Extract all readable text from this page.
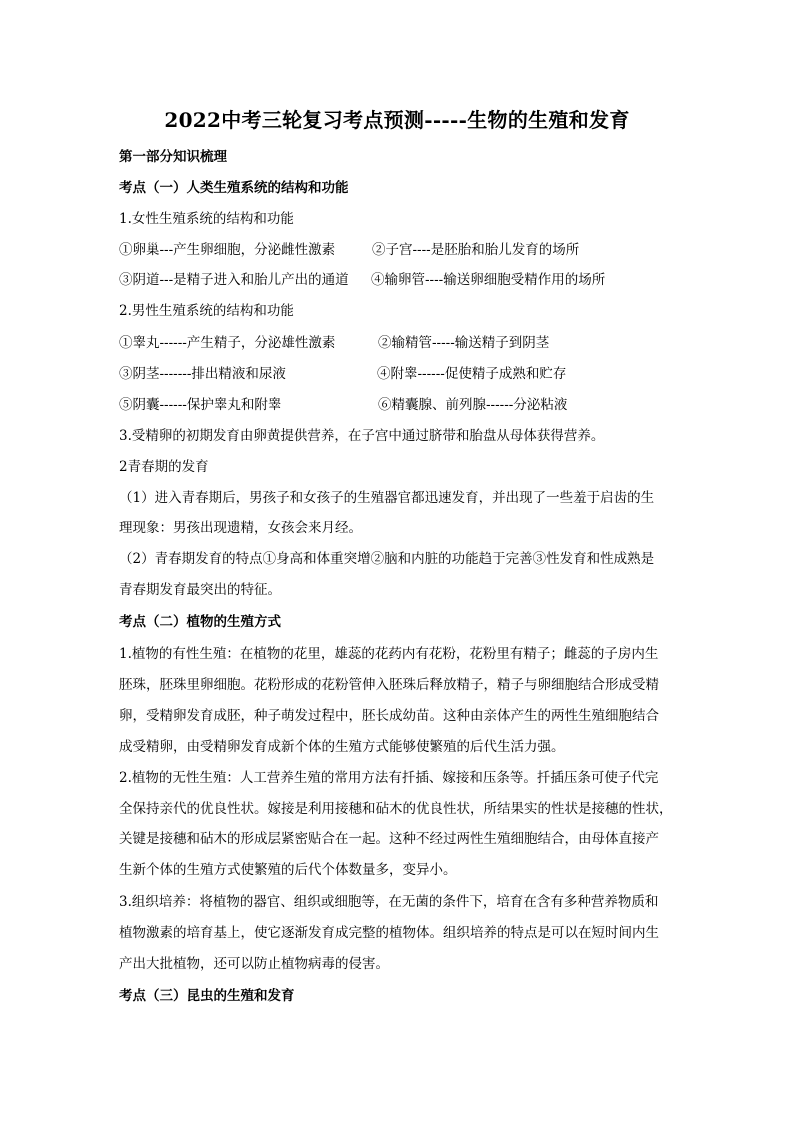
2022中考三轮复习考点预测-----生物的生殖和发育
第一部分知识梳理
考点（一）人类生殖系统的结构和功能
1.女性生殖系统的结构和功能
①卵巢---产生卵细胞，分泌雌性激素	②子宫----是胚胎和胎儿发育的场所
③阴道---是精子进入和胎儿产出的通道 ④输卵管----输送卵细胞受精作用的场所
2.男性生殖系统的结构和功能
①睾丸------产生精子，分泌雄性激素	②输精管-----输送精子到阴茎
③阴茎-------排出精液和尿液	④附睾------促使精子成熟和贮存
⑤阴囊------保护睾丸和附睾	⑥精囊腺、前列腺------分泌粘液
3.受精卵的初期发育由卵黄提供营养，在子宫中通过脐带和胎盘从母体获得营养。
2青春期的发育
（1）进入青春期后，男孩子和女孩子的生殖器官都迅速发育，并出现了一些羞于启齿的生
理现象：男孩出现遗精，女孩会来月经。
（2）青春期发育的特点①身高和体重突增②脑和内脏的功能趋于完善③性发育和性成熟是
青春期发育最突出的特征。
考点（二）植物的生殖方式
1.植物的有性生殖：在植物的花里，雄蕊的花药内有花粉，花粉里有精子；雌蕊的子房内生
胚珠，胚珠里卵细胞。花粉形成的花粉管伸入胚珠后释放精子，精子与卵细胞结合形成受精
卵，受精卵发育成胚，种子萌发过程中，胚长成幼苗。这种由亲体产生的两性生殖细胞结合
成受精卵，由受精卵发育成新个体的生殖方式能够使繁殖的后代生活力强。
2.植物的无性生殖：人工营养生殖的常用方法有扦插、嫁接和压条等。扦插压条可使子代完
全保持亲代的优良性状。嫁接是利用接穗和砧木的优良性状，所结果实的性状是接穗的性状，
关键是接穗和砧木的形成层紧密贴合在一起。这种不经过两性生殖细胞结合，由母体直接产
生新个体的生殖方式使繁殖的后代个体数量多，变异小。
3.组织培养：将植物的器官、组织或细胞等，在无菌的条件下，培育在含有多种营养物质和
植物激素的培育基上，使它逐渐发育成完整的植物体。组织培养的特点是可以在短时间内生
产出大批植物，还可以防止植物病毒的侵害。
考点（三）昆虫的生殖和发育
